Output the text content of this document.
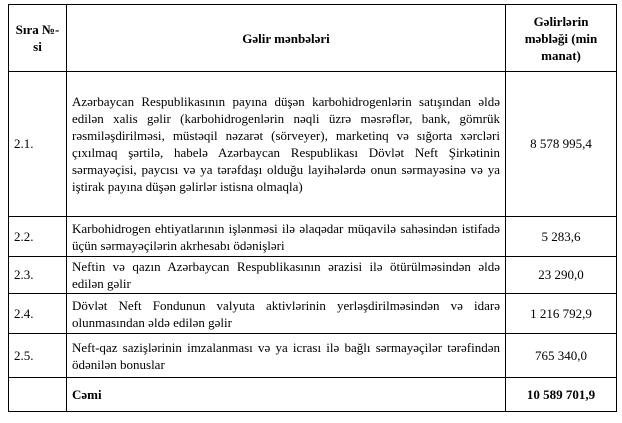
Sıra №-si	Gəlir mənbələri	Gəlirlərin məbləği (min manat)
2.1.	Azərbaycan Respublikasının payına düşən karbohidrogenlərin satışından əldə edilən xalis gəlir (karbohidrogenlərin nəqli üzrə məsrəflər, bank, gömrük rəsmiləşdirilməsi, müstəqil nəzarət (sörveyer), marketinq və sığorta xərcləri çıxılmaq şərtilə, habelə Azərbaycan Respublikası Dövlət Neft Şirkətinin sərmayəçisi, paycısı və ya tərəfdaşı olduğu layihələrdə onun sərmayəsinə və ya iştirak payına düşən gəlirlər istisna olmaqla)	8 578 995,4
2.2.	Karbohidrogen ehtiyatlarının işlənməsi ilə əlaqədar müqavilə sahəsindən istifadə üçün sərmayəçilərin akrhesabı ödənişləri	5 283,6
2.3.	Neftin və qazın Azərbaycan Respublikasının ərazisi ilə ötürülməsindən əldə edilən gəlir	23 290,0
2.4.	Dövlət Neft Fondunun valyuta aktivlərinin yerləşdirilməsindən və idarə olunmasından əldə edilən gəlir	1 216 792,9
2.5.	Neft-qaz sazişlərinin imzalanması və ya icrası ilə bağlı sərmayəçilər tərəfindən ödənilən bonuslar	765 340,0
	Cəmi	10 589 701,9
